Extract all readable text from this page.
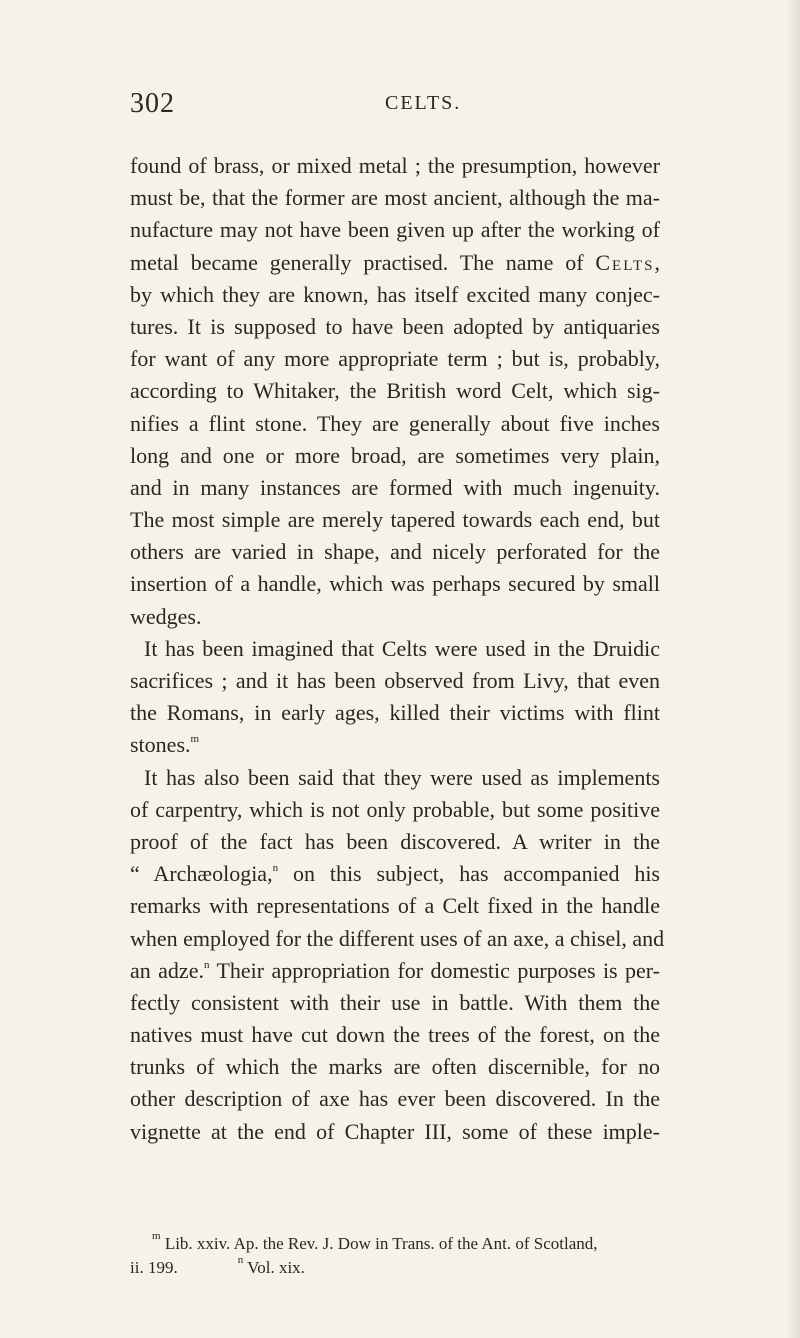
302	CELTS.
found of brass, or mixed metal ; the presumption, however
must be, that the former are most ancient, although the ma-
nufacture may not have been given up after the working of
metal became generally practised. The name of Celts,
by which they are known, has itself excited many conjec-
tures. It is supposed to have been adopted by antiquaries
for want of any more appropriate term ; but is, probably,
according to Whitaker, the British word Celt, which sig-
nifies a flint stone. They are generally about five inches
long and one or more broad, are sometimes very plain,
and in many instances are formed with much ingenuity.
The most simple are merely tapered towards each end, but
others are varied in shape, and nicely perforated for the
insertion of a handle, which was perhaps secured by small
wedges.
It has been imagined that Celts were used in the Druidic
sacrifices ; and it has been observed from Livy, that even
the Romans, in early ages, killed their victims with flint
stones.$^m$
It has also been said that they were used as implements
of carpentry, which is not only probable, but some positive
proof of the fact has been discovered. A writer in the
“ Archæologia,$^n$ on this subject, has accompanied his
remarks with representations of a Celt fixed in the handle
when employed for the different uses of an axe, a chisel, and
an adze.$^n$ Their appropriation for domestic purposes is per-
fectly consistent with their use in battle. With them the
natives must have cut down the trees of the forest, on the
trunks of which the marks are often discernible, for no
other description of axe has ever been discovered. In the
vignette at the end of Chapter III, some of these imple-
$^m$ Lib. xxiv. Ap. the Rev. J. Dow in Trans. of the Ant. of Scotland,
ii. 199.	$^n$ Vol. xix.
